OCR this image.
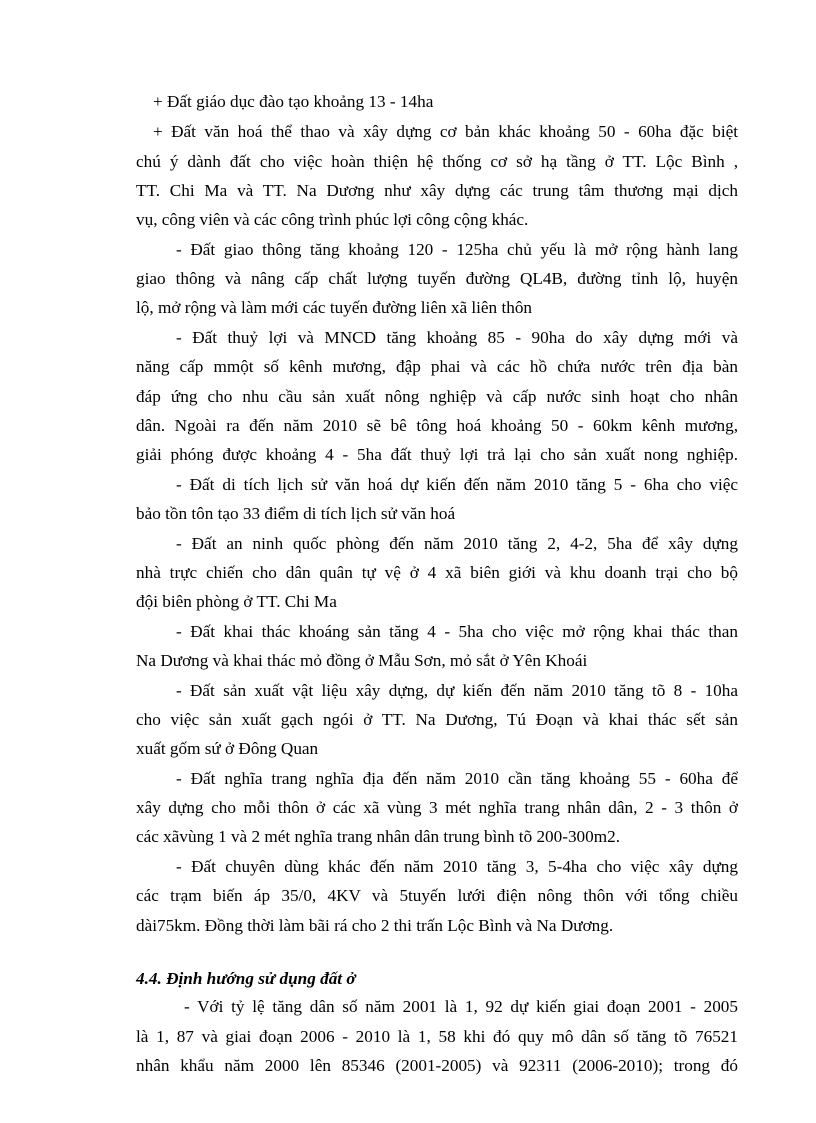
+ Đất giáo dục đào tạo khoảng 13 - 14ha
+ Đất văn hoá thể thao và xây dựng cơ bản khác khoảng 50 - 60ha đặc biệt
chú ý dành đất cho việc hoàn thiện hệ thống cơ sở hạ tầng ở TT. Lộc Bình ,
TT. Chi Ma và TT. Na Dương như xây dựng các trung tâm thương mại dịch
vụ, công viên và các công trình phúc lợi công cộng khác.
- Đất giao thông tăng khoảng 120 - 125ha chủ yếu là mở rộng hành lang
giao thông và nâng cấp chất lượng tuyến đường QL4B, đường tỉnh lộ, huyện
lộ, mở rộng và làm mới các tuyến đường liên xã liên thôn
- Đất thuỷ lợi và MNCD tăng khoảng 85 - 90ha do xây dựng mới và
năng cấp mmột số kênh mương, đập phai và các hồ chứa nước trên địa bàn
đáp ứng cho nhu cầu sản xuất nông nghiệp và cấp nước sinh hoạt cho nhân
dân. Ngoài ra đến năm 2010 sẽ bê tông hoá khoảng 50 - 60km kênh mương,
giải phóng được khoảng 4 - 5ha đất thuỷ lợi trả lại cho sản xuất nong nghiệp.
- Đất di tích lịch sử văn hoá dự kiến đến năm 2010 tăng 5 - 6ha cho việc
bảo tồn tôn tạo 33 điểm di tích lịch sử văn hoá
- Đất an ninh quốc phòng đến năm 2010 tăng 2, 4-2, 5ha để xây dựng
nhà trực chiến cho dân quân tự vệ ở 4 xã biên giới và khu doanh trại cho bộ
đội biên phòng ở TT. Chi Ma
- Đất khai thác khoáng sản tăng 4 - 5ha cho việc mở rộng khai thác than
Na Dương và khai thác mỏ đồng ở Mẫu Sơn, mỏ sắt ở Yên Khoái
- Đất sản xuất vật liệu xây dựng, dự kiến đến năm 2010 tăng tõ 8 - 10ha
cho việc sản xuất gạch ngói ở TT. Na Dương, Tú Đoạn và khai thác sết sản
xuất gốm sứ ở Đông Quan
- Đất nghĩa trang nghĩa địa đến năm 2010 cần tăng khoảng 55 - 60ha để
xây dựng cho mỗi thôn ở các xã vùng 3 mét nghĩa trang nhân dân, 2 - 3 thôn ở
các xãvùng 1 và 2 mét nghĩa trang nhân dân trung bình tõ 200-300m2.
- Đất chuyên dùng khác đến năm 2010 tăng 3, 5-4ha cho việc xây dựng
các trạm biến áp 35/0, 4KV và 5tuyến lưới điện nông thôn với tổng chiều
dài75km. Đồng thời làm bãi rá cho 2 thi trấn Lộc Bình và Na Dương.
4.4. Định hướng sử dụng đất ở
- Với tỷ lệ tăng dân số năm 2001 là 1, 92 dự kiến giai đoạn 2001 - 2005
là 1, 87 và giai đoạn 2006 - 2010 là 1, 58 khi đó quy mô dân số tăng tõ 76521
nhân khẩu năm 2000 lên 85346 (2001-2005) và 92311 (2006-2010); trong đó
